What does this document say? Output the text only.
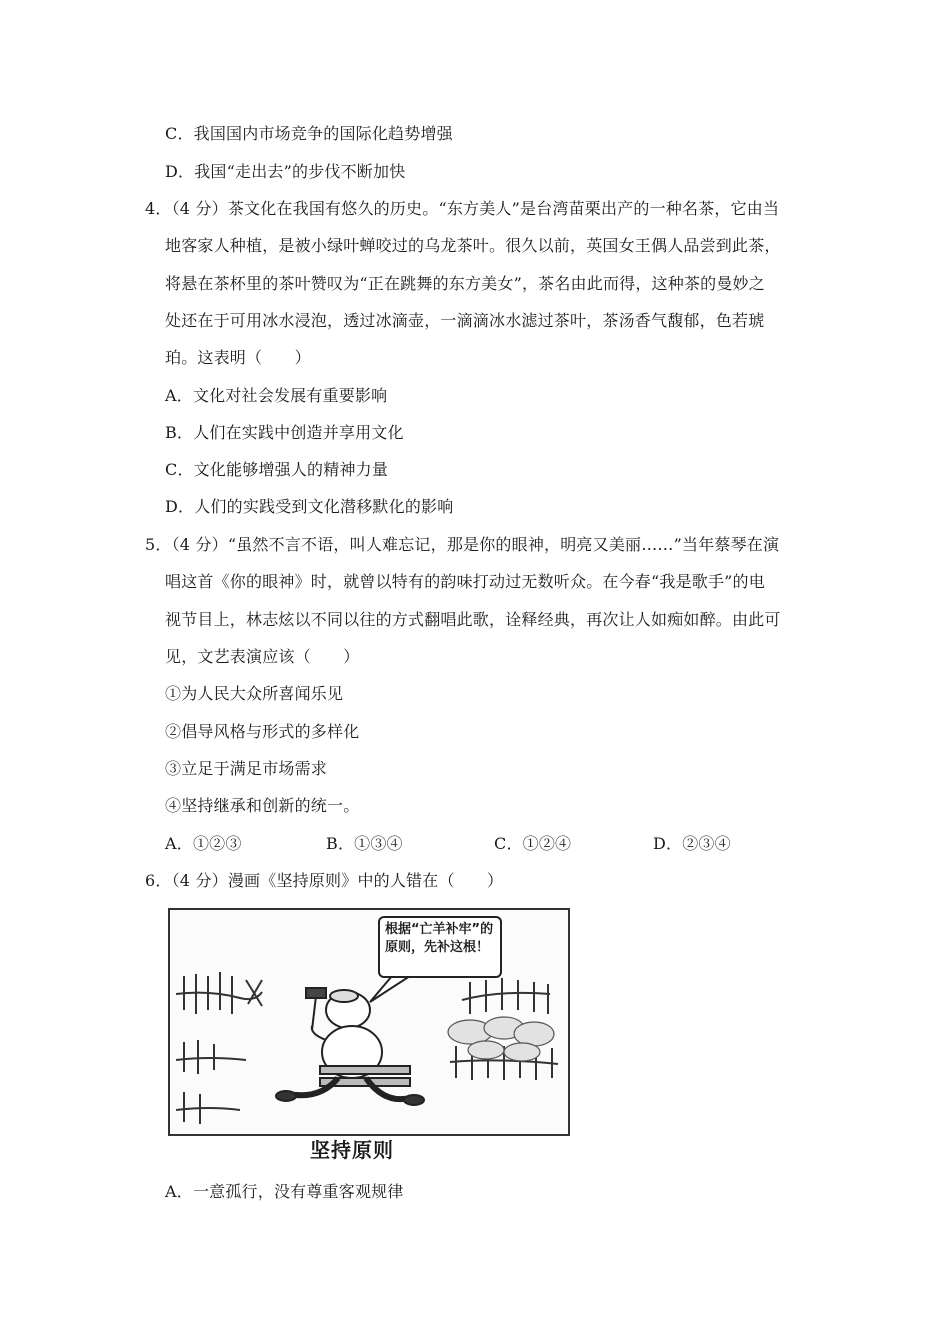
C．我国国内市场竞争的国际化趋势增强
D．我国“走出去”的步伐不断加快
4．（4 分）茶文化在我国有悠久的历史。“东方美人”是台湾苗栗出产的一种名茶，它由当
地客家人种植，是被小绿叶蝉咬过的乌龙茶叶。很久以前，英国女王偶人品尝到此茶，
将悬在茶杯里的茶叶赞叹为“正在跳舞的东方美女”，茶名由此而得，这种茶的曼妙之
处还在于可用冰水浸泡，透过冰滴壶，一滴滴冰水滤过茶叶，茶汤香气馥郁，色若琥
珀。这表明（　　）
A．文化对社会发展有重要影响
B．人们在实践中创造并享用文化
C．文化能够增强人的精神力量
D．人们的实践受到文化潜移默化的影响
5．（4 分）“虽然不言不语，叫人难忘记，那是你的眼神，明亮又美丽……”当年蔡琴在演
唱这首《你的眼神》时，就曾以特有的韵味打动过无数听众。在今春“我是歌手”的电
视节目上，林志炫以不同以往的方式翻唱此歌，诠释经典，再次让人如痴如醉。由此可
见，文艺表演应该（　　）
①为人民大众所喜闻乐见
②倡导风格与形式的多样化
③立足于满足市场需求
④坚持继承和创新的统一。
A．①②③	B．①③④	C．①②④	D．②③④
6．（4 分）漫画《坚持原则》中的人错在（　　）
根据“亡羊补牢”的原则，先补这根！
坚持原则
A．一意孤行，没有尊重客观规律
